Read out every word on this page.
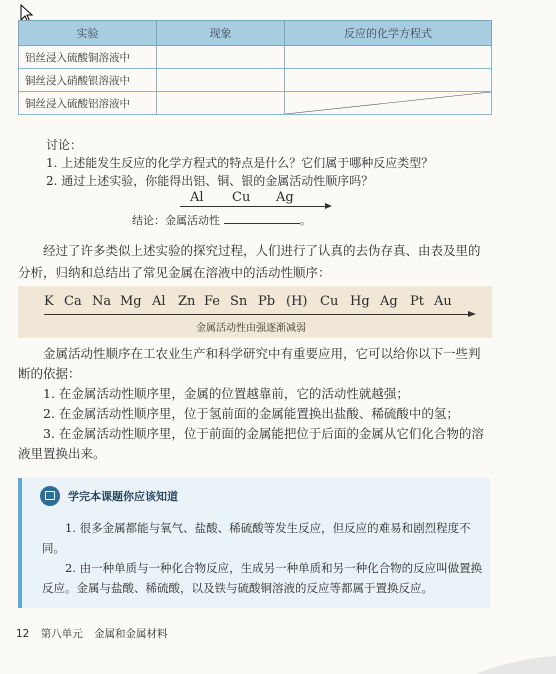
实验	现象	反应的化学方程式
铝丝浸入硫酸铜溶液中		
铜丝浸入硝酸银溶液中		
铜丝浸入硫酸铝溶液中		
讨论：
1. 上述能发生反应的化学方程式的特点是什么？它们属于哪种反应类型？
2. 通过上述实验，你能得出铝、铜、银的金属活动性顺序吗？
Al Cu Ag
结论：金属活动性	。
经过了许多类似上述实验的探究过程，人们进行了认真的去伪存真、由表及里的分析，归纳和总结出了常见金属在溶液中的活动性顺序：
K Ca Na Mg Al Zn Fe Sn Pb (H) Cu Hg Ag Pt Au
金属活动性由强逐渐减弱

金属活动性顺序在工农业生产和科学研究中有重要应用，它可以给你以下一些判断的依据：

1. 在金属活动性顺序里，金属的位置越靠前，它的活动性就越强；

2. 在金属活动性顺序里，位于氢前面的金属能置换出盐酸、稀硫酸中的氢；

3. 在金属活动性顺序里，位于前面的金属能把位于后面的金属从它们化合物的溶液里置换出来。

学完本课题你应该知道

1. 很多金属都能与氧气、盐酸、稀硫酸等发生反应，但反应的难易和剧烈程度不同。

2. 由一种单质与一种化合物反应，生成另一种单质和另一种化合物的反应叫做置换反应。金属与盐酸、稀硫酸，以及铁与硫酸铜溶液的反应等都属于置换反应。

12 第八单元 金属和金属材料
